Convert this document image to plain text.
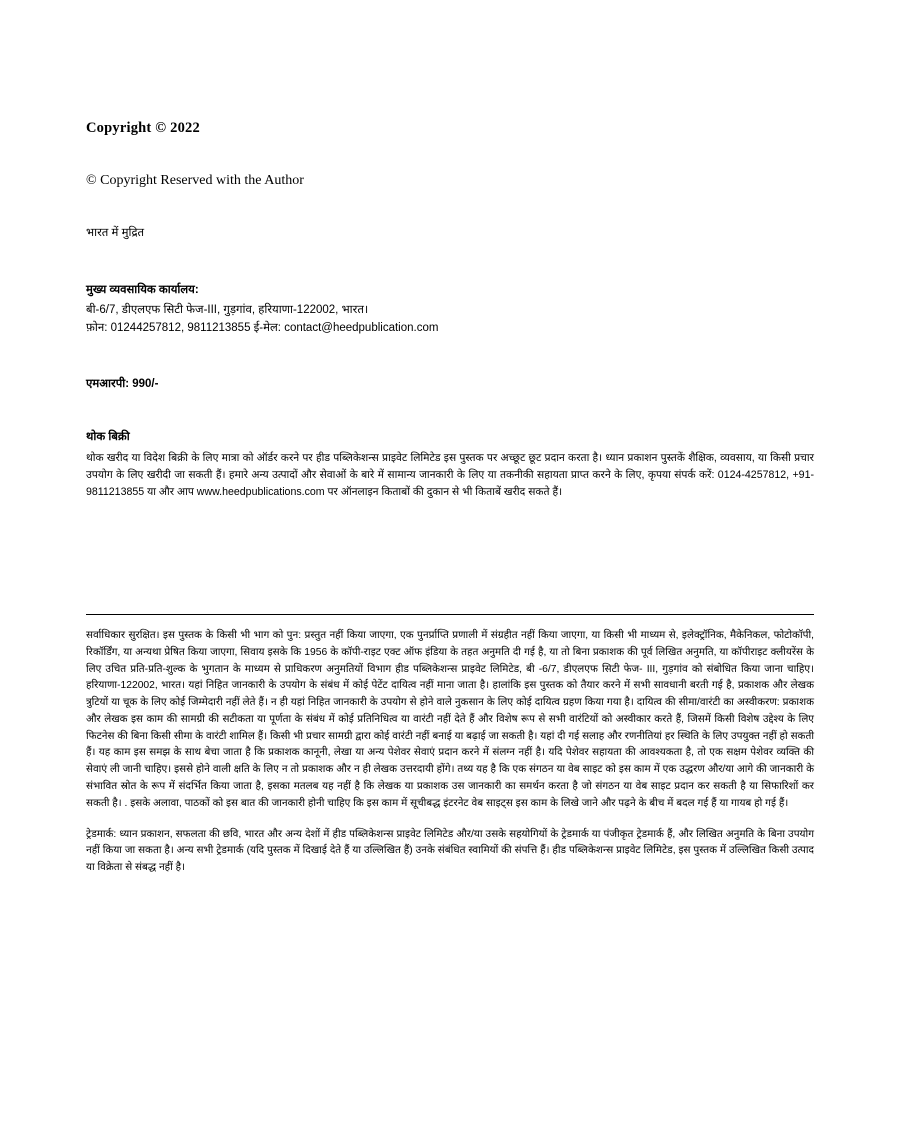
Copyright © 2022
© Copyright Reserved with the Author
भारत में मुद्रित
मुख्य व्यवसायिक कार्यालय:
बी-6/7, डीएलएफ सिटी फेज-III, गुड़गांव, हरियाणा-122002, भारत।
फ़ोन: 01244257812, 9811213855 ई-मेल: contact@heedpublication.com
एमआरपी: 990/-
थोक बिक्री
थोक खरीद या विदेश बिक्री के लिए मात्रा को ऑर्डर करने पर हीड पब्लिकेशन्स प्राइवेट लिमिटेड इस पुस्तक पर अच्छूट छूट प्रदान करता है। ध्यान प्रकाशन पुस्तकें शैक्षिक, व्यवसाय, या किसी प्रचार उपयोग के लिए खरीदी जा सकती हैं। हमारे अन्य उत्पादों और सेवाओं के बारे में सामान्य जानकारी के लिए या तकनीकी सहायता प्राप्त करने के लिए, कृपया संपर्क करें: 0124-4257812, +91-9811213855 या और आप www.heedpublications.com पर ऑनलाइन किताबों की दुकान से भी किताबें खरीद सकते हैं।

सर्वाधिकार सुरक्षित। इस पुस्तक के किसी भी भाग को पुन: प्रस्तुत नहीं किया जाएगा, एक पुनर्प्राप्ति प्रणाली में संग्रहीत नहीं किया जाएगा, या किसी भी माध्यम से, इलेक्ट्रॉनिक, मैकेनिकल, फोटोकॉपी, रिकॉर्डिंग, या अन्यथा प्रेषित किया जाएगा, सिवाय इसके कि 1956 के कॉपी-राइट एक्ट ऑफ इंडिया के तहत अनुमति दी गई है, या तो बिना प्रकाशक की पूर्व लिखित अनुमति, या कॉपीराइट क्लीयरेंस के लिए उचित प्रति-प्रति-शुल्क के भुगतान के माध्यम से प्राधिकरण अनुमतियों विभाग हीड पब्लिकेशन्स प्राइवेट लिमिटेड, बी -6/7, डीएलएफ सिटी फेज- III, गुड़गांव को संबोधित किया जाना चाहिए। हरियाणा-122002, भारत। यहां निहित जानकारी के उपयोग के संबंध में कोई पेटेंट दायित्व नहीं माना जाता है। हालांकि इस पुस्तक को तैयार करने में सभी सावधानी बरती गई है, प्रकाशक और लेखक त्रुटियों या चूक के लिए कोई जिम्मेदारी नहीं लेते हैं। न ही यहां निहित जानकारी के उपयोग से होने वाले नुकसान के लिए कोई दायित्व ग्रहण किया गया है। दायित्व की सीमा/वारंटी का अस्वीकरण: प्रकाशक और लेखक इस काम की सामग्री की सटीकता या पूर्णता के संबंध में कोई प्रतिनिधित्व या वारंटी नहीं देते हैं और विशेष रूप से सभी वारंटियों को अस्वीकार करते हैं, जिसमें किसी विशेष उद्देश्य के लिए फिटनेस की बिना किसी सीमा के वारंटी शामिल हैं। किसी भी प्रचार सामग्री द्वारा कोई वारंटी नहीं बनाई या बढ़ाई जा सकती है। यहां दी गई सलाह और रणनीतियां हर स्थिति के लिए उपयुक्त नहीं हो सकती हैं। यह काम इस समझ के साथ बेचा जाता है कि प्रकाशक कानूनी, लेखा या अन्य पेशेवर सेवाएं प्रदान करने में संलग्न नहीं है। यदि पेशेवर सहायता की आवश्यकता है, तो एक सक्षम पेशेवर व्यक्ति की सेवाएं ली जानी चाहिए। इससे होने वाली क्षति के लिए न तो प्रकाशक और न ही लेखक उत्तरदायी होंगे। तथ्य यह है कि एक संगठन या वेब साइट को इस काम में एक उद्धरण और/या आगे की जानकारी के संभावित स्रोत के रूप में संदर्भित किया जाता है, इसका मतलब यह नहीं है कि लेखक या प्रकाशक उस जानकारी का समर्थन करता है जो संगठन या वेब साइट प्रदान कर सकती है या सिफारिशों कर सकती है। . इसके अलावा, पाठकों को इस बात की जानकारी होनी चाहिए कि इस काम में सूचीबद्ध इंटरनेट वेब साइट्स इस काम के लिखे जाने और पढ़ने के बीच में बदल गई हैं या गायब हो गई हैं।

ट्रेडमार्क: ध्यान प्रकाशन, सफलता की छवि, भारत और अन्य देशों में हीड पब्लिकेशन्स प्राइवेट लिमिटेड और/या उसके सहयोगियों के ट्रेडमार्क या पंजीकृत ट्रेडमार्क हैं, और लिखित अनुमति के बिना उपयोग नहीं किया जा सकता है। अन्य सभी ट्रेडमार्क (यदि पुस्तक में दिखाई देते हैं या उल्लिखित हैं) उनके संबंधित स्वामियों की संपत्ति हैं। हीड पब्लिकेशन्स प्राइवेट लिमिटेड, इस पुस्तक में उल्लिखित किसी उत्पाद या विक्रेता से संबद्ध नहीं है।
